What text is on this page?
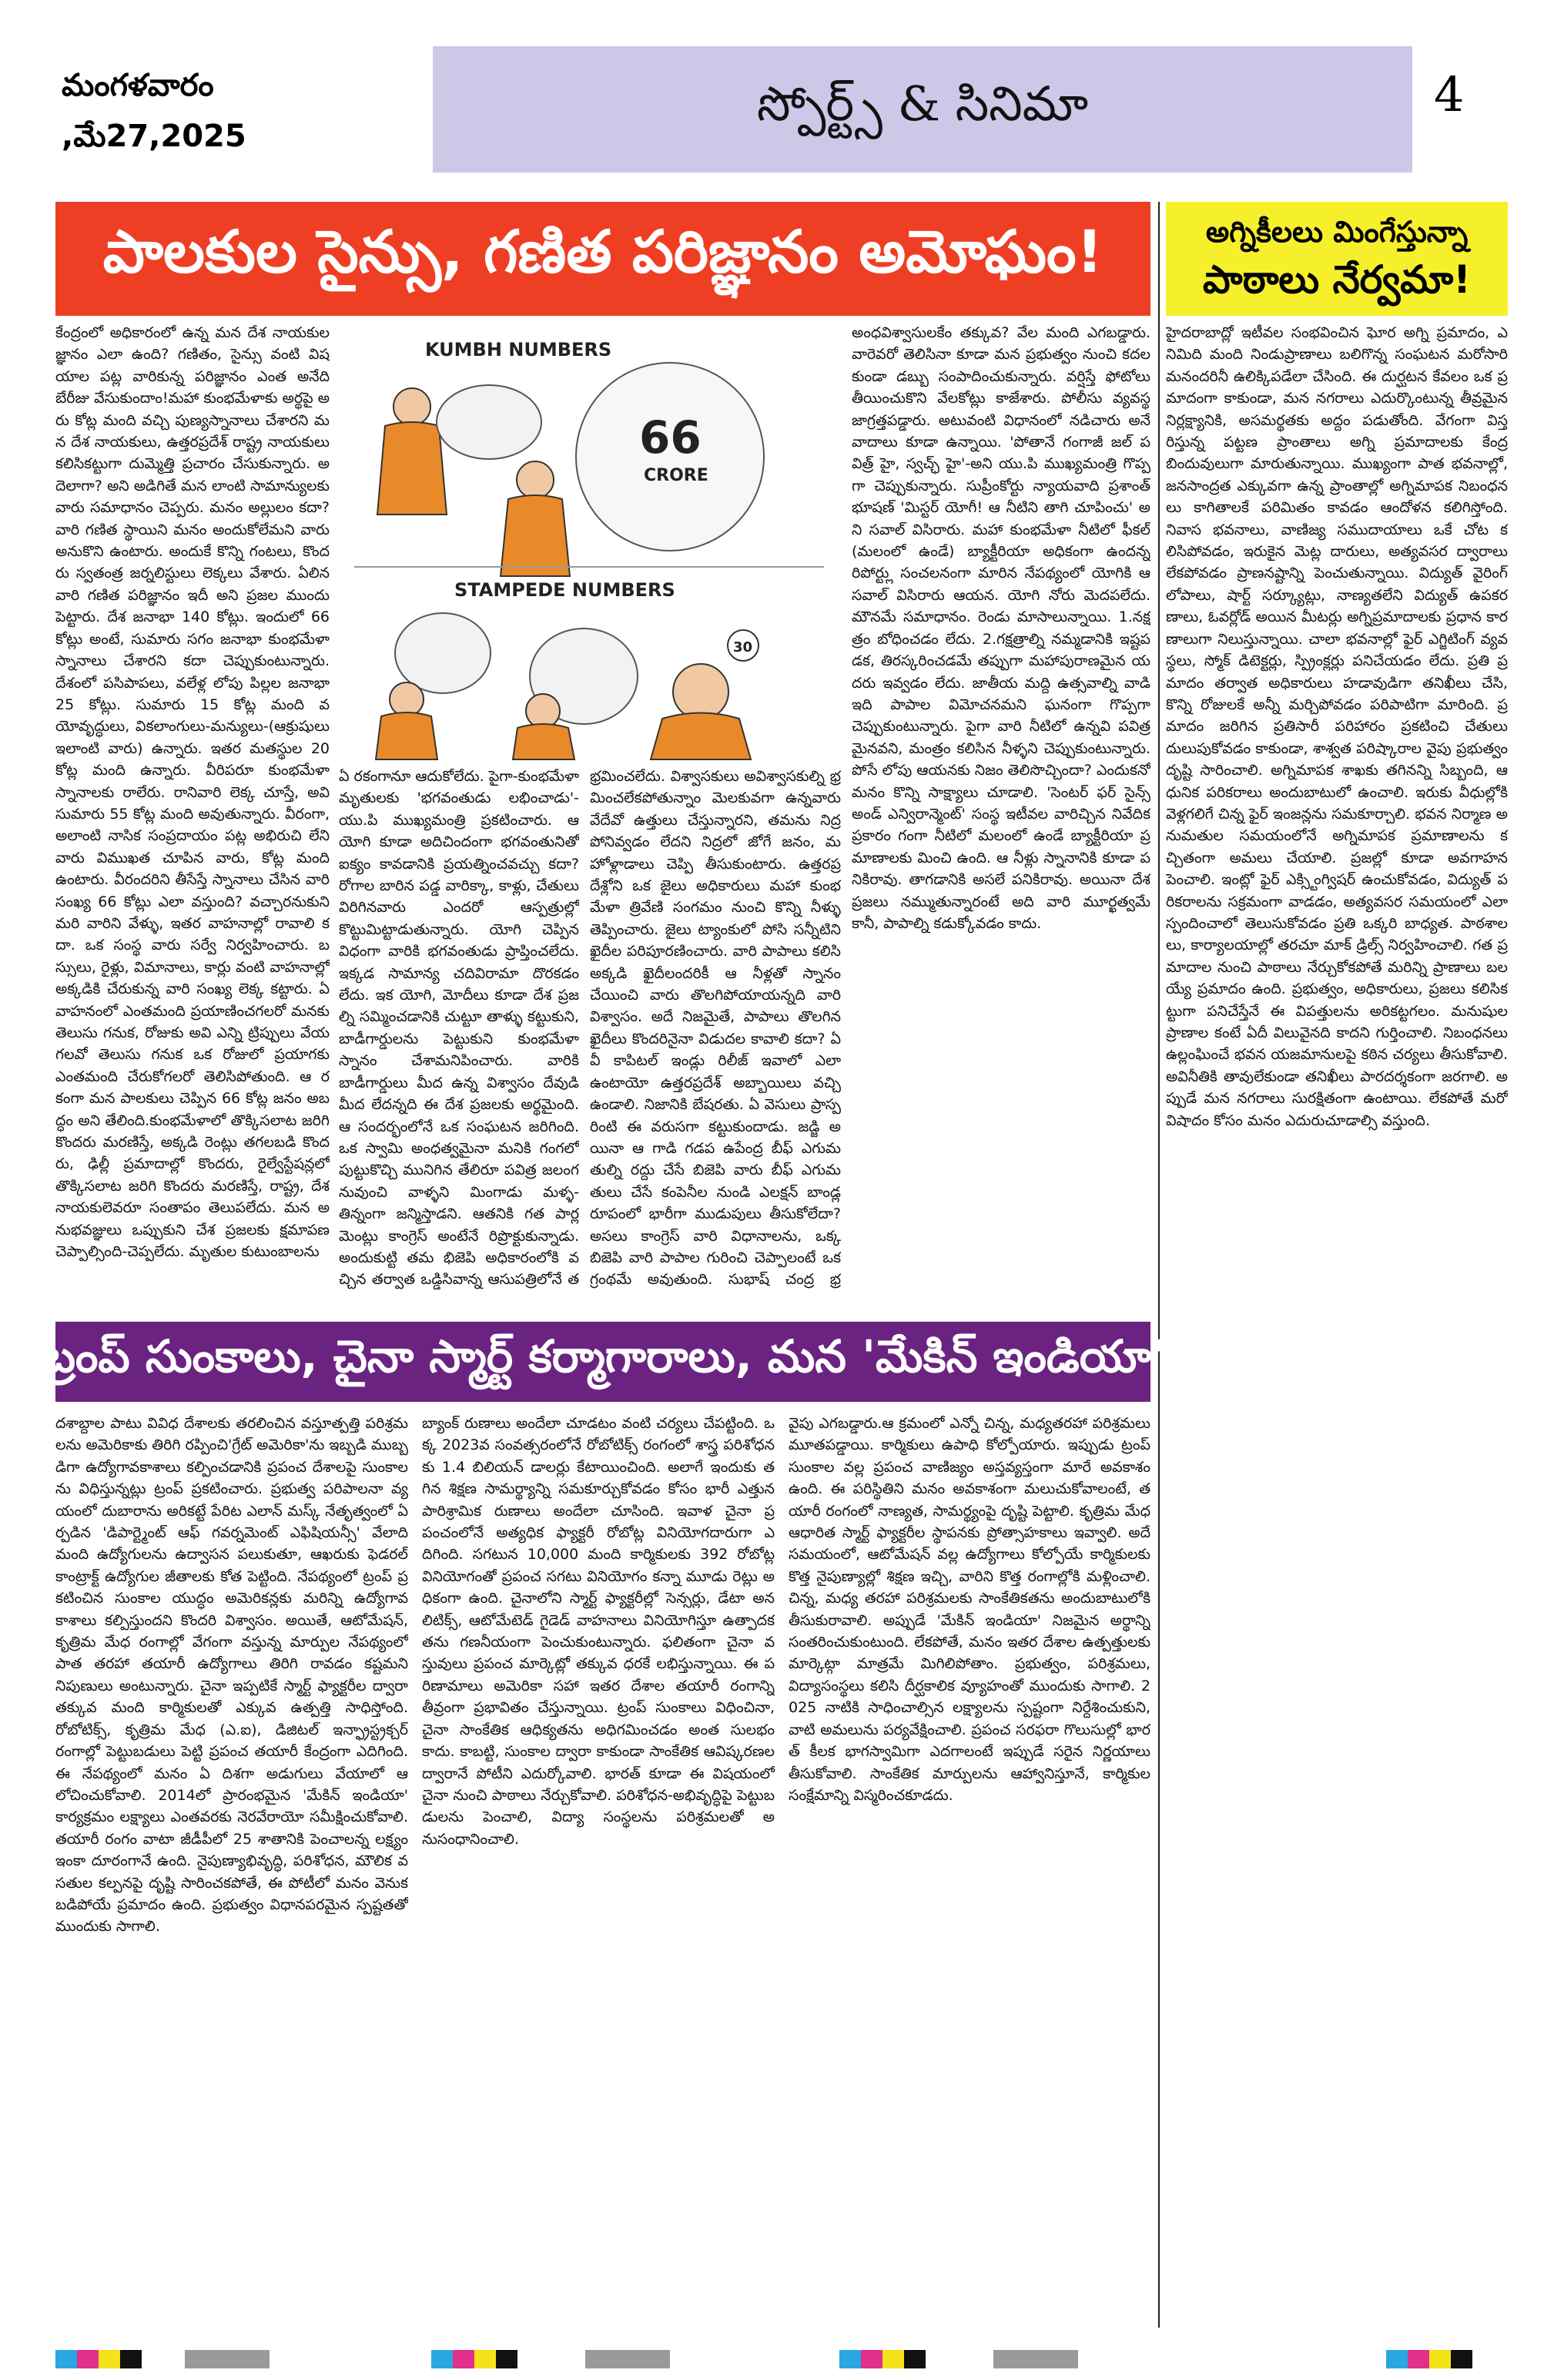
మంగళవారం
,మే27,2025
స్పోర్ట్స్ & సినిమా	4
పాలకుల సైన్సు, గణిత పరిజ్ఞానం అమోఘం!	అగ్నికీలలు మింగేస్తున్నా
పాఠాలు నేర్వమా!

కేంద్రంలో అధికారంలో ఉన్న మన దేశ నాయకుల జ్ఞానం ఎలా ఉంది? గణితం, సైన్సు వంటి విషయాల పట్ల వారికున్న పరిజ్ఞానం ఎంత అనేది బేరీజు వేసుకుందాం!మహా కుంభమేళాకు అర్థపై అరు కోట్ల మంది వచ్చి పుణ్యస్నానాలు చేశారని మన దేశ నాయకులు, ఉత్తరప్రదేశ్ రాష్ట్ర నాయకులు కలిసికట్టుగా దుమ్మెత్తి ప్రచారం చేసుకున్నారు. అదెలాగా? అని అడిగితే మన లాంటి సామాన్యులకు వారు సమాధానం చెప్పరు. మనం అల్లులం కదా? వారి గణిత స్థాయిని మనం అందుకోలేమని వారు అనుకొని ఉంటారు. అందుకే కొన్ని గంటలు, కొందరు స్వతంత్ర జర్నలిస్టులు లెక్కలు వేశారు. ఏలిన వారి గణిత పరిజ్ఞానం ఇదీ అని ప్రజల ముందు పెట్టారు. దేశ జనాభా 140 కోట్లు. ఇందులో 66 కోట్లు అంటే, సుమారు సగం జనాభా కుంభమేళా స్నానాలు చేశారని కదా చెప్పుకుంటున్నారు. దేశంలో పసిపాపలు, వలేళ్ల లోపు పిల్లల జనాభా 25 కోట్లు. సుమారు 15 కోట్ల మంది వయోవృద్ధులు, వికలాంగులు-మన్యులు-(ఆక్రుషులు ఇలాంటి వారు) ఉన్నారు. ఇతర మతస్థుల 20 కోట్ల మంది ఉన్నారు. వీరిపరూ కుంభమేళా స్నానాలకు రాలేరు. రానివారి లెక్క చూస్తే, అవి సుమారు 55 కోట్ల మంది అవుతున్నారు. వీరంగా, అలాంటి నాసిక సంప్రదాయం పట్ల అభిరుచి లేని వారు విముఖత చూపిన వారు, కోట్ల మంది ఉంటారు. వీరందరిని తీసేస్తే స్నానాలు చేసిన వారి సంఖ్య 66 కోట్లు ఎలా వస్తుంది? వచ్చారనుకుని మరి వారిని వేళ్ళు, ఇతర వాహనాల్లో రావాలి కదా. ఒక సంస్థ వారు సర్వే నిర్వహించారు. బస్సులు, రైళ్లు, విమానాలు, కార్లు వంటి వాహనాల్లో అక్కడికి చేరుకున్న వారి సంఖ్య లెక్క కట్టారు. ఏ వాహనంలో ఎంతమంది ప్రయాణించగలరో మనకు తెలుసు గనుక, రోజుకు అవి ఎన్ని ట్రిప్పులు వేయగలవో తెలుసు గనుక ఒక రోజులో ప్రయాగకు ఎంతమంది చేరుకోగలరో తెలిసిపోతుంది. ఆ రకంగా మన పాలకులు చెప్పిన 66 కోట్ల జనం అబద్ధం అని తేలింది.కుంభమేళాలో తొక్కిసలాట జరిగి కొందరు మరణిస్తే, అక్కడి రెంట్లు తగలబడి కొందరు, ఢిల్లీ ప్రమాదాల్లో కొందరు, రైల్వేస్టేషన్లలో తొక్కిసలాట జరిగి కొందరు మరణిస్తే, రాష్ట్ర, దేశ నాయకులెవరూ సంతాపం తెలుపలేదు. మన అనుభవజ్ఞులు ఒప్పుకుని చేశ ప్రజలకు క్షమాపణ చెప్పాల్సింది-చెప్పలేదు. మృతుల కుటుంబాలను

KUMBH NUMBERS
66
CRORE
STAMPEDE NUMBERS
30

ఏ రకంగానూ ఆదుకోలేదు. పైగా-కుంభమేళా మృతులకు 'భగవంతుడు లభించాడు'-యు.పి ముఖ్యమంత్రి ప్రకటించారు. ఆ యోగి కూడా అదిచిందంగా భగవంతునితో ఐక్యం కావడానికి ప్రయత్నించవచ్చు కదా? రోగాల బారిన పడ్డ వారిక్కా, కాళ్లు, చేతులు విరిగినవారు ఎందరో ఆస్పత్రుల్లో కొట్టుమిట్టాడుతున్నారు. యోగి చెప్పిన విధంగా వారికి భగవంతుడు ప్రాప్తించలేదు. ఇక్కడ సామాన్య చదివిరామా దొరకడం లేదు. ఇక యోగి, మోదీలు కూడా దేశ ప్రజల్ని సమ్మించడానికి చుట్టూ తాళ్ళు కట్టుకుని, బాడీగార్డులను పెట్టుకుని కుంభమేళా స్నానం చేశామనిపించారు. వారికి బాడీగార్డులు మీద ఉన్న విశ్వాసం దేవుడి మీద లేదన్నది ఈ దేశ ప్రజలకు అర్థమైంది. ఆ సందర్భంలోనే ఒక సంఘటన జరిగింది. ఒక స్వామి అంధత్వమైనా మనికి గంగలో పుట్టుకొచ్చి మునిగిన తేలిరూ పవిత్ర జలంగనువుంచి వాళ్ళని మింగాడు మళ్ళ- తిన్నంగా జన్మిస్తాడని. ఆతనికి గత పార్లమెంట్లు కాంగ్రెస్ అంటేనే రిప్రొక్టుకున్నాడు. అందుకుట్టి తమ భిజెపి అధికారంలోకి వచ్చిన తర్వాత ఒడ్డిసివాన్న ఆసుపత్రిలోనే త

భ్రమించలేదు. విశ్వాసకులు అవిశ్వాసకుల్ని భ్రమించలేకపోతున్నాం మెలకువగా ఉన్నవారు వేదేవో ఉత్తులు చేస్తున్నారని, తమను నిద్రపోనివ్వడం లేదని నిద్రలో జోగే జనం, మహోళ్లాడాలు చెప్పి తీసుకుంటారు. ఉత్తరప్రదేశ్లోని ఒక జైలు అధికారులు మహా కుంభమేళా త్రివేణి సంగమం నుంచి కొన్ని నీళ్ళు తెప్పించారు. జైలు ట్యాంకులో పోసి సన్నీటిని ఖైదీల పరిపూరణించారు. వారి పాపాలు కలిసి అక్కడి ఖైదీలందరికీ ఆ నీళ్లతో స్నానం చేయించి వారు తొలగిపోయాయన్నది వారి విశ్వాసం. అదే నిజమైతే, పాపాలు తొలగిన ఖైదీలు కొందరినైనా విడుదల కావాలి కదా? ఏవీ కాపిటల్ ఇండ్లు రిలీజ్ ఇవాలో ఎలా ఉంటాయో ఉత్తరప్రదేశ్ అబ్బాయిలు వచ్చి ఉండాలి. నిజానికి బేషరతు. ఏ వెసులు ప్రాస్పరింటి ఈ వరుసగా కట్టుకుందాడు. జడ్జి అయినా ఆ గాడి గడప ఉపేంద్ర బీఫ్ ఎగుమతుల్ని రద్దు చేసే బిజెపి వారు బీఫ్ ఎగుమతులు చేసే కంపెనీల నుండి ఎలక్షన్ బాండ్ల రూపంలో భారీగా ముడుపులు తీసుకోలేదా? అసలు కాంగ్రెస్ వారి విధానాలను, ఒక్క బిజెపి వారి పాపాల గురించి చెప్పాలంటే ఒక గ్రంథమే అవుతుంది. సుభాష్ చంద్ర భ్ర

అంధవిశ్వాసులకేం తక్కువ? వేల మంది ఎగబడ్డారు. వారెవరో తెలిసినా కూడా మన ప్రభుత్వం నుంచి కదలకుండా డబ్బు సంపాదించుకున్నారు. వర్షిస్తే ఫోటోలు తీయించుకొని వేలకోట్లు కాజేశారు. పోలీసు వ్యవస్థ జాగ్రత్తపడ్డారు. అటువంటి విధానంలో నడిచారు అనే వాదాలు కూడా ఉన్నాయి. 'పోతానే గంగాజీ జల్ పవిత్ర్ హై, స్వచ్ఛ్ హై'-అని యు.పి ముఖ్యమంత్రి గొప్పగా చెప్పుకున్నారు. సుప్రీంకోర్టు న్యాయవాది ప్రశాంత్ భూషణ్ 'మిస్టర్ యోగీ! ఆ నీటిని తాగి చూపించు' అని సవాల్ విసిరారు. మహా కుంభమేళా నీటిలో ఫీకల్ (మలంలో ఉండే) బ్యాక్టీరియా అధికంగా ఉందన్న రిపోర్ట్లు సంచలనంగా మారిన నేపథ్యంలో యోగికి ఆ సవాల్ విసిరారు ఆయన. యోగి నోరు మెదపలేదు.మౌనమే సమాధానం. రెండు మాసాలున్నాయి. 1.నక్షత్రం బోధించడం లేదు. 2.గక్షత్రాల్ని నమ్మడానికి ఇష్టపడక, తిరస్కరించడమే తప్పుగా మహాపురాణమైన యదరు ఇవ్వడం లేదు. జాతీయ మద్ది ఉత్సవాల్ని వాడి ఇది పాపాల విమోచనమని ఘనంగా గొప్పగా చెప్పుకుంటున్నారు. పైగా వారి నీటిలో ఉన్నవి పవిత్రమైనవని, మంత్రం కలిసిన నీళ్ళని చెప్పుకుంటున్నారు. పోసే లోపు ఆయనకు నిజం తెలిసొచ్చిందా? ఎందుకనో మనం కొన్ని సాక్ష్యాలు చూడాలి. 'సెంటర్ ఫర్ సైన్స్ అండ్ ఎన్విరాన్మెంట్' సంస్థ ఇటీవల వారిచ్చిన నివేదిక ప్రకారం గంగా నీటిలో మలంలో ఉండే బ్యాక్టీరియా ప్రమాణాలకు మించి ఉంది. ఆ నీళ్లు స్నానానికి కూడా పనికిరావు. తాగడానికి అసలే పనికిరావు. అయినా దేశ ప్రజలు నమ్ముతున్నారంటే అది వారి మూర్ఖత్వమే కానీ, పాపాల్ని కడుక్కోవడం కాదు.

హైదరాబాద్లో ఇటీవల సంభవించిన ఘోర అగ్ని ప్రమాదం, ఎనిమిది మంది నిండుప్రాణాలు బలిగొన్న సంఘటన మరోసారి మనందరినీ ఉలిక్కిపడేలా చేసింది. ఈ దుర్ఘటన కేవలం ఒక ప్రమాదంగా కాకుండా, మన నగరాలు ఎదుర్కొంటున్న తీవ్రమైన నిర్లక్ష్యానికి, అసమర్థతకు అద్దం పడుతోంది. వేగంగా విస్తరిస్తున్న పట్టణ ప్రాంతాలు అగ్ని ప్రమాదాలకు కేంద్రబిందువులుగా మారుతున్నాయి. ముఖ్యంగా పాత భవనాల్లో, జనసాంద్రత ఎక్కువగా ఉన్న ప్రాంతాల్లో అగ్నిమాపక నిబంధనలు కాగితాలకే పరిమితం కావడం ఆందోళన కలిగిస్తోంది. నివాస భవనాలు, వాణిజ్య సముదాయాలు ఒకే చోట కలిసిపోవడం, ఇరుకైన మెట్ల దారులు, అత్యవసర ద్వారాలు లేకపోవడం ప్రాణనష్టాన్ని పెంచుతున్నాయి. విద్యుత్ వైరింగ్ లోపాలు, షార్ట్ సర్క్యూట్లు, నాణ్యతలేని విద్యుత్ ఉపకరణాలు, ఓవర్లోడ్ అయిన మీటర్లు అగ్నిప్రమాదాలకు ప్రధాన కారణాలుగా నిలుస్తున్నాయి. చాలా భవనాల్లో ఫైర్ ఎగ్జిటింగ్ వ్యవస్థలు, స్మోక్ డిటెక్టర్లు, స్ప్రింక్లర్లు పనిచేయడం లేదు. ప్రతి ప్రమాదం తర్వాత అధికారులు హడావుడిగా తనిఖీలు చేసి, కొన్ని రోజులకే అన్నీ మర్చిపోవడం పరిపాటిగా మారింది. ప్రమాదం జరిగిన ప్రతిసారీ పరిహారం ప్రకటించి చేతులు దులుపుకోవడం కాకుండా, శాశ్వత పరిష్కారాల వైపు ప్రభుత్వం దృష్టి సారించాలి. అగ్నిమాపక శాఖకు తగినన్ని సిబ్బంది, ఆధునిక పరికరాలు అందుబాటులో ఉంచాలి. ఇరుకు వీధుల్లోకి వెళ్లగలిగే చిన్న ఫైర్ ఇంజన్లను సమకూర్చాలి. భవన నిర్మాణ అనుమతుల సమయంలోనే అగ్నిమాపక ప్రమాణాలను కచ్చితంగా అమలు చేయాలి. ప్రజల్లో కూడా అవగాహన పెంచాలి. ఇంట్లో ఫైర్ ఎక్స్టింగ్విషర్ ఉంచుకోవడం, విద్యుత్ పరికరాలను సక్రమంగా వాడడం, అత్యవసర సమయంలో ఎలా స్పందించాలో తెలుసుకోవడం ప్రతి ఒక్కరి బాధ్యత. పాఠశాలలు, కార్యాలయాల్లో తరచూ మాక్ డ్రిల్స్ నిర్వహించాలి. గత ప్రమాదాల నుంచి పాఠాలు నేర్చుకోకపోతే మరిన్ని ప్రాణాలు బలయ్యే ప్రమాదం ఉంది. ప్రభుత్వం, అధికారులు, ప్రజలు కలిసికట్టుగా పనిచేస్తేనే ఈ విపత్తులను అరికట్టగలం. మనుషుల ప్రాణాల కంటే ఏదీ విలువైనది కాదని గుర్తించాలి. నిబంధనలు ఉల్లంఘించే భవన యజమానులపై కఠిన చర్యలు తీసుకోవాలి. అవినీతికి తావులేకుండా తనిఖీలు పారదర్శకంగా జరగాలి. అప్పుడే మన నగరాలు సురక్షితంగా ఉంటాయి. లేకపోతే మరో విషాదం కోసం మనం ఎదురుచూడాల్సి వస్తుంది.

ట్రంప్ సుంకాలు, చైనా స్మార్ట్ కర్మాగారాలు, మన 'మేకిన్ ఇండియా'

దశాబ్దాల పాటు వివిధ దేశాలకు తరలించిన వస్తూత్పత్తి పరిశ్రమలను అమెరికాకు తిరిగి రప్పించి'గ్రేట్ అమెరికా'ను ఇబ్బడి ముబ్బడిగా ఉద్యోగావకాశాలు కల్పించడానికి ప్రపంచ దేశాలపై సుంకాలను విధిస్తున్నట్లు ట్రంప్ ప్రకటించారు. ప్రభుత్వ పరిపాలనా వ్యయంలో దుబారాను అరికట్టే పేరిట ఎలాన్ మస్క్ నేతృత్వంలో ఏర్పడిన 'డిపార్ట్మెంట్ ఆఫ్ గవర్నమెంట్ ఎఫిషియన్సీ' వేలాది మంది ఉద్యోగులను ఉద్వాసన పలుకుతూ, ఆఖరుకు ఫెడరల్ కాంట్రాక్ట్ ఉద్యోగుల జీతాలకు కోత పెట్టింది. నేపథ్యంలో ట్రంప్ ప్రకటించిన సుంకాల యుద్ధం అమెరికన్లకు మరిన్ని ఉద్యోగావకాశాలు కల్పిస్తుందని కొందరి విశ్వాసం. అయితే, ఆటోమేషన్, కృత్రిమ మేధ రంగాల్లో వేగంగా వస్తున్న మార్పుల నేపథ్యంలో పాత తరహా తయారీ ఉద్యోగాలు తిరిగి రావడం కష్టమని నిపుణులు అంటున్నారు. చైనా ఇప్పటికే స్మార్ట్ ఫ్యాక్టరీల ద్వారా తక్కువ మంది కార్మికులతో ఎక్కువ ఉత్పత్తి సాధిస్తోంది. రోబోటిక్స్, కృత్రిమ మేధ (ఎ.ఐ), డిజిటల్ ఇన్ఫ్రాస్ట్రక్చర్ రంగాల్లో పెట్టుబడులు పెట్టి ప్రపంచ తయారీ కేంద్రంగా ఎదిగింది. ఈ నేపథ్యంలో మనం ఏ దిశగా అడుగులు వేయాలో ఆలోచించుకోవాలి. 2014లో ప్రారంభమైన 'మేకిన్ ఇండియా' కార్యక్రమం లక్ష్యాలు ఎంతవరకు నెరవేరాయో సమీక్షించుకోవాలి. తయారీ రంగం వాటా జీడీపీలో 25 శాతానికి పెంచాలన్న లక్ష్యం ఇంకా దూరంగానే ఉంది. నైపుణ్యాభివృద్ధి, పరిశోధన, మౌలిక వసతుల కల్పనపై దృష్టి సారించకపోతే, ఈ పోటీలో మనం వెనుకబడిపోయే ప్రమాదం ఉంది. ప్రభుత్వం విధానపరమైన స్పష్టతతో ముందుకు సాగాలి.

బ్యాంక్ రుణాలు అందేలా చూడటం వంటి చర్యలు చేపట్టింది. ఒక్క 2023వ సంవత్సరంలోనే రోబోటిక్స్ రంగంలో శాస్త్ర పరిశోధనకు 1.4 బిలియన్ డాలర్లు కేటాయించింది. అలాగే ఇందుకు తగిన శిక్షణ సామర్థ్యాన్ని సమకూర్చుకోవడం కోసం భారీ ఎత్తున పారిశ్రామిక రుణాలు అందేలా చూసింది. ఇవాళ చైనా ప్రపంచంలోనే అత్యధిక ఫ్యాక్టరీ రోబోట్ల వినియోగదారుగా ఎదిగింది. సగటున 10,000 మంది కార్మికులకు 392 రోబోట్ల వినియోగంతో ప్రపంచ సగటు వినియోగం కన్నా మూడు రెట్లు అధికంగా ఉంది. చైనాలోని స్మార్ట్ ఫ్యాక్టరీల్లో సెన్సర్లు, డేటా అనలిటిక్స్, ఆటోమేటెడ్ గైడెడ్ వాహనాలు వినియోగిస్తూ ఉత్పాదకతను గణనీయంగా పెంచుకుంటున్నారు. ఫలితంగా చైనా వస్తువులు ప్రపంచ మార్కెట్లో తక్కువ ధరకే లభిస్తున్నాయి. ఈ పరిణామాలు అమెరికా సహా ఇతర దేశాల తయారీ రంగాన్ని తీవ్రంగా ప్రభావితం చేస్తున్నాయి. ట్రంప్ సుంకాలు విధించినా, చైనా సాంకేతిక ఆధిక్యతను అధిగమించడం అంత సులభం కాదు. కాబట్టి, సుంకాల ద్వారా కాకుండా సాంకేతిక ఆవిష్కరణల ద్వారానే పోటీని ఎదుర్కోవాలి. భారత్ కూడా ఈ విషయంలో చైనా నుంచి పాఠాలు నేర్చుకోవాలి. పరిశోధన-అభివృద్ధిపై పెట్టుబడులను పెంచాలి, విద్యా సంస్థలను పరిశ్రమలతో అనుసంధానించాలి.

వైపు ఎగబడ్డారు.ఆ క్రమంలో ఎన్నో చిన్న, మధ్యతరహా పరిశ్రమలు మూతపడ్డాయి. కార్మికులు ఉపాధి కోల్పోయారు. ఇప్పుడు ట్రంప్ సుంకాల వల్ల ప్రపంచ వాణిజ్యం అస్తవ్యస్తంగా మారే అవకాశం ఉంది. ఈ పరిస్థితిని మనం అవకాశంగా మలుచుకోవాలంటే, తయారీ రంగంలో నాణ్యత, సామర్థ్యంపై దృష్టి పెట్టాలి. కృత్రిమ మేధ ఆధారిత స్మార్ట్ ఫ్యాక్టరీల స్థాపనకు ప్రోత్సాహకాలు ఇవ్వాలి. అదే సమయంలో, ఆటోమేషన్ వల్ల ఉద్యోగాలు కోల్పోయే కార్మికులకు కొత్త నైపుణ్యాల్లో శిక్షణ ఇచ్చి, వారిని కొత్త రంగాల్లోకి మళ్లించాలి. చిన్న, మధ్య తరహా పరిశ్రమలకు సాంకేతికతను అందుబాటులోకి తీసుకురావాలి. అప్పుడే 'మేకిన్ ఇండియా' నిజమైన అర్థాన్ని సంతరించుకుంటుంది. లేకపోతే, మనం ఇతర దేశాల ఉత్పత్తులకు మార్కెట్గా మాత్రమే మిగిలిపోతాం. ప్రభుత్వం, పరిశ్రమలు, విద్యాసంస్థలు కలిసి దీర్ఘకాలిక వ్యూహంతో ముందుకు సాగాలి. 2025 నాటికి సాధించాల్సిన లక్ష్యాలను స్పష్టంగా నిర్దేశించుకుని, వాటి అమలును పర్యవేక్షించాలి. ప్రపంచ సరఫరా గొలుసుల్లో భారత్ కీలక భాగస్వామిగా ఎదగాలంటే ఇప్పుడే సరైన నిర్ణయాలు తీసుకోవాలి. సాంకేతిక మార్పులను ఆహ్వానిస్తూనే, కార్మికుల సంక్షేమాన్ని విస్మరించకూడదు.
